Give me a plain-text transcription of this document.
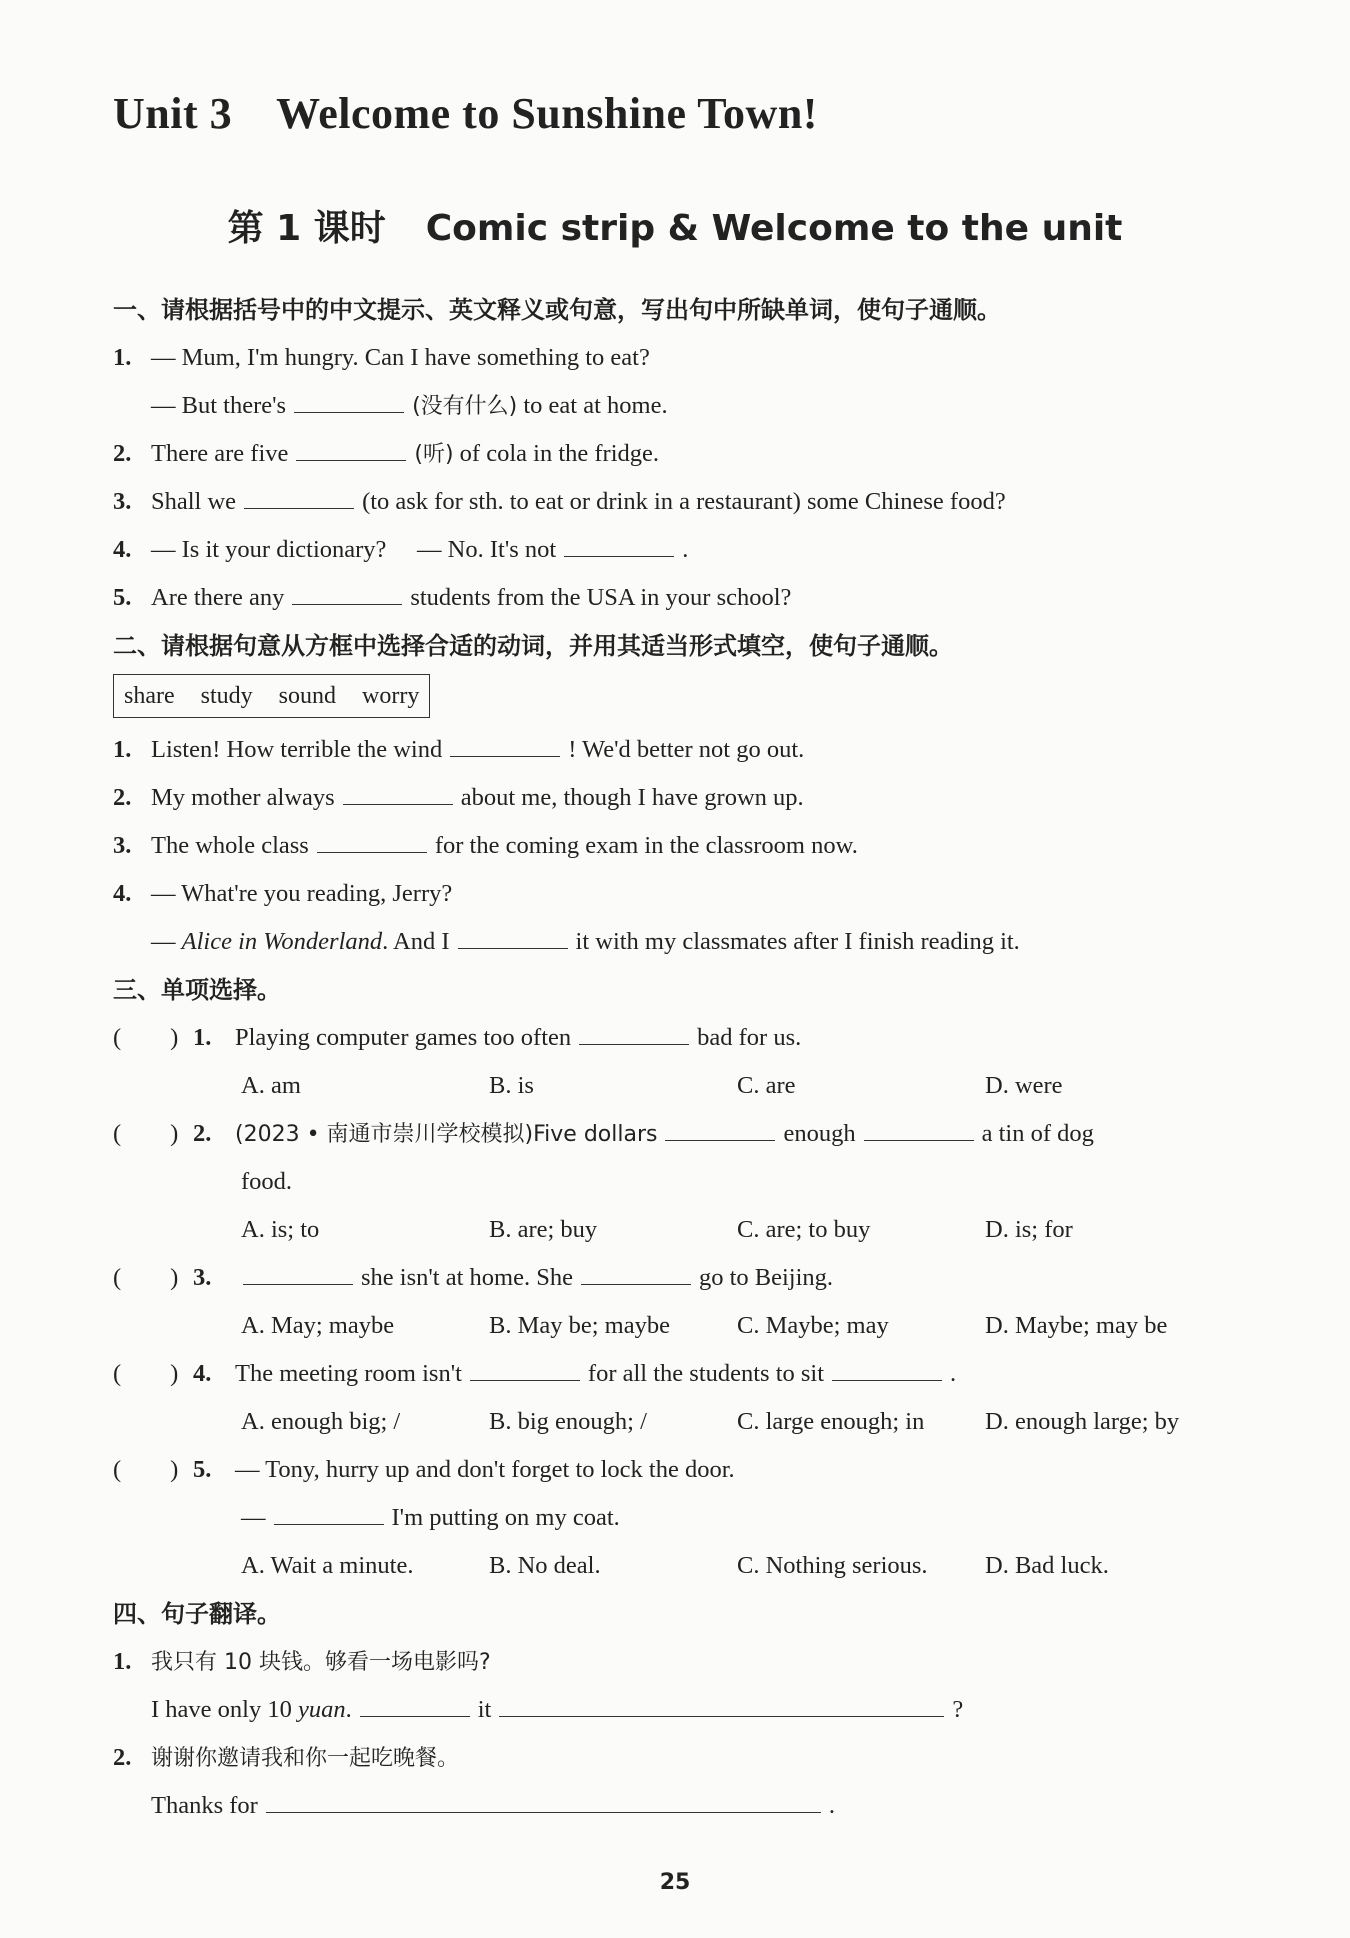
Unit 3 Welcome to Sunshine Town!
第 1 课时 Comic strip & Welcome to the unit
一、请根据括号中的中文提示、英文释义或句意，写出句中所缺单词，使句子通顺。
1. — Mum, I'm hungry. Can I have something to eat?
— But there's	(没有什么) to eat at home.
2. There are five	(听) of cola in the fridge.
3. Shall we	(to ask for sth. to eat or drink in a restaurant) some Chinese food?
4. — Is it your dictionary?     — No. It's not	.
5. Are there any	students from the USA in your school?
二、请根据句意从方框中选择合适的动词，并用其适当形式填空，使句子通顺。
share study sound worry
1. Listen! How terrible the wind	! We'd better not go out.
2. My mother always	about me, though I have grown up.
3. The whole class	for the coming exam in the classroom now.
4. — What're you reading, Jerry?
— Alice in Wonderland. And I	it with my classmates after I finish reading it.
三、单项选择。
(        ) 1. Playing computer games too often	bad for us.
A. am	B. is	C. are	D. were
(        ) 2. (2023 • 南通市崇川学校模拟)Five dollars	enough	a tin of dog
food.
A. is; to	B. are; buy	C. are; to buy	D. is; for
(        ) 3.	she isn't at home. She	go to Beijing.
A. May; maybe	B. May be; maybe	C. Maybe; may	D. Maybe; may be
(        ) 4. The meeting room isn't	for all the students to sit	.
A. enough big; /	B. big enough; /	C. large enough; in D. enough large; by
(        ) 5. — Tony, hurry up and don't forget to lock the door.
—	I'm putting on my coat.
A. Wait a minute.	B. No deal.	C. Nothing serious. D. Bad luck.
四、句子翻译。
1. 我只有 10 块钱。够看一场电影吗?
I have only 10 yuan.	it	?
2. 谢谢你邀请我和你一起吃晚餐。
Thanks for	.
25
